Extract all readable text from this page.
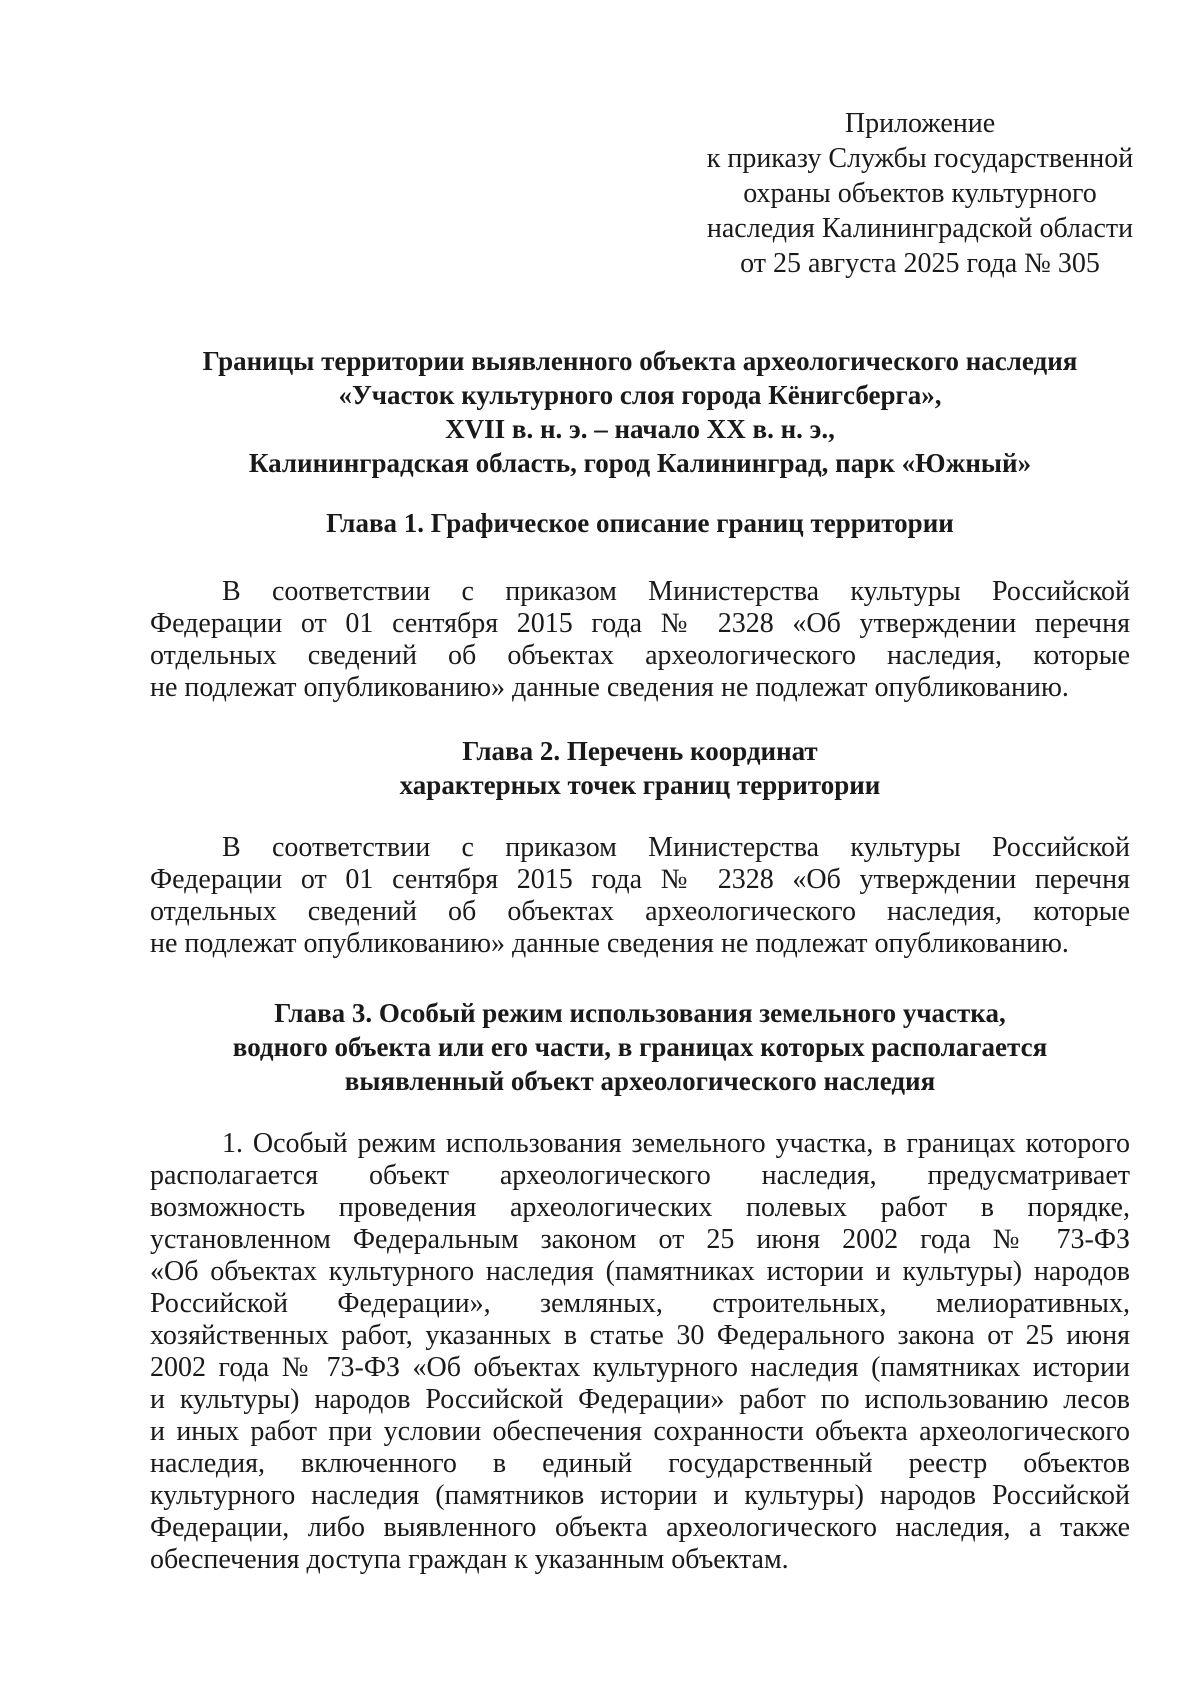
Приложение
к приказу Службы государственной
охраны объектов культурного
наследия Калининградской области
от 25 августа 2025 года № 305
Границы территории выявленного объекта археологического наследия
«Участок культурного слоя города Кёнигсберга»,
XVII в. н. э. – начало XX в. н. э.,
Калининградская область, город Калининград, парк «Южный»
Глава 1. Графическое описание границ территории
В соответствии с приказом Министерства культуры Российской
Федерации от 01 сентября 2015 года № 2328 «Об утверждении перечня
отдельных сведений об объектах археологического наследия, которые
не подлежат опубликованию» данные сведения не подлежат опубликованию.
Глава 2. Перечень координат
характерных точек границ территории
В соответствии с приказом Министерства культуры Российской
Федерации от 01 сентября 2015 года № 2328 «Об утверждении перечня
отдельных сведений об объектах археологического наследия, которые
не подлежат опубликованию» данные сведения не подлежат опубликованию.
Глава 3. Особый режим использования земельного участка,
водного объекта или его части, в границах которых располагается
выявленный объект археологического наследия
1. Особый режим использования земельного участка, в границах которого
располагается объект археологического наследия, предусматривает
возможность проведения археологических полевых работ в порядке,
установленном Федеральным законом от 25 июня 2002 года № 73-ФЗ
«Об объектах культурного наследия (памятниках истории и культуры) народов
Российской Федерации», земляных, строительных, мелиоративных,
хозяйственных работ, указанных в статье 30 Федерального закона от 25 июня
2002 года № 73-ФЗ «Об объектах культурного наследия (памятниках истории
и культуры) народов Российской Федерации» работ по использованию лесов
и иных работ при условии обеспечения сохранности объекта археологического
наследия, включенного в единый государственный реестр объектов
культурного наследия (памятников истории и культуры) народов Российской
Федерации, либо выявленного объекта археологического наследия, а также
обеспечения доступа граждан к указанным объектам.
